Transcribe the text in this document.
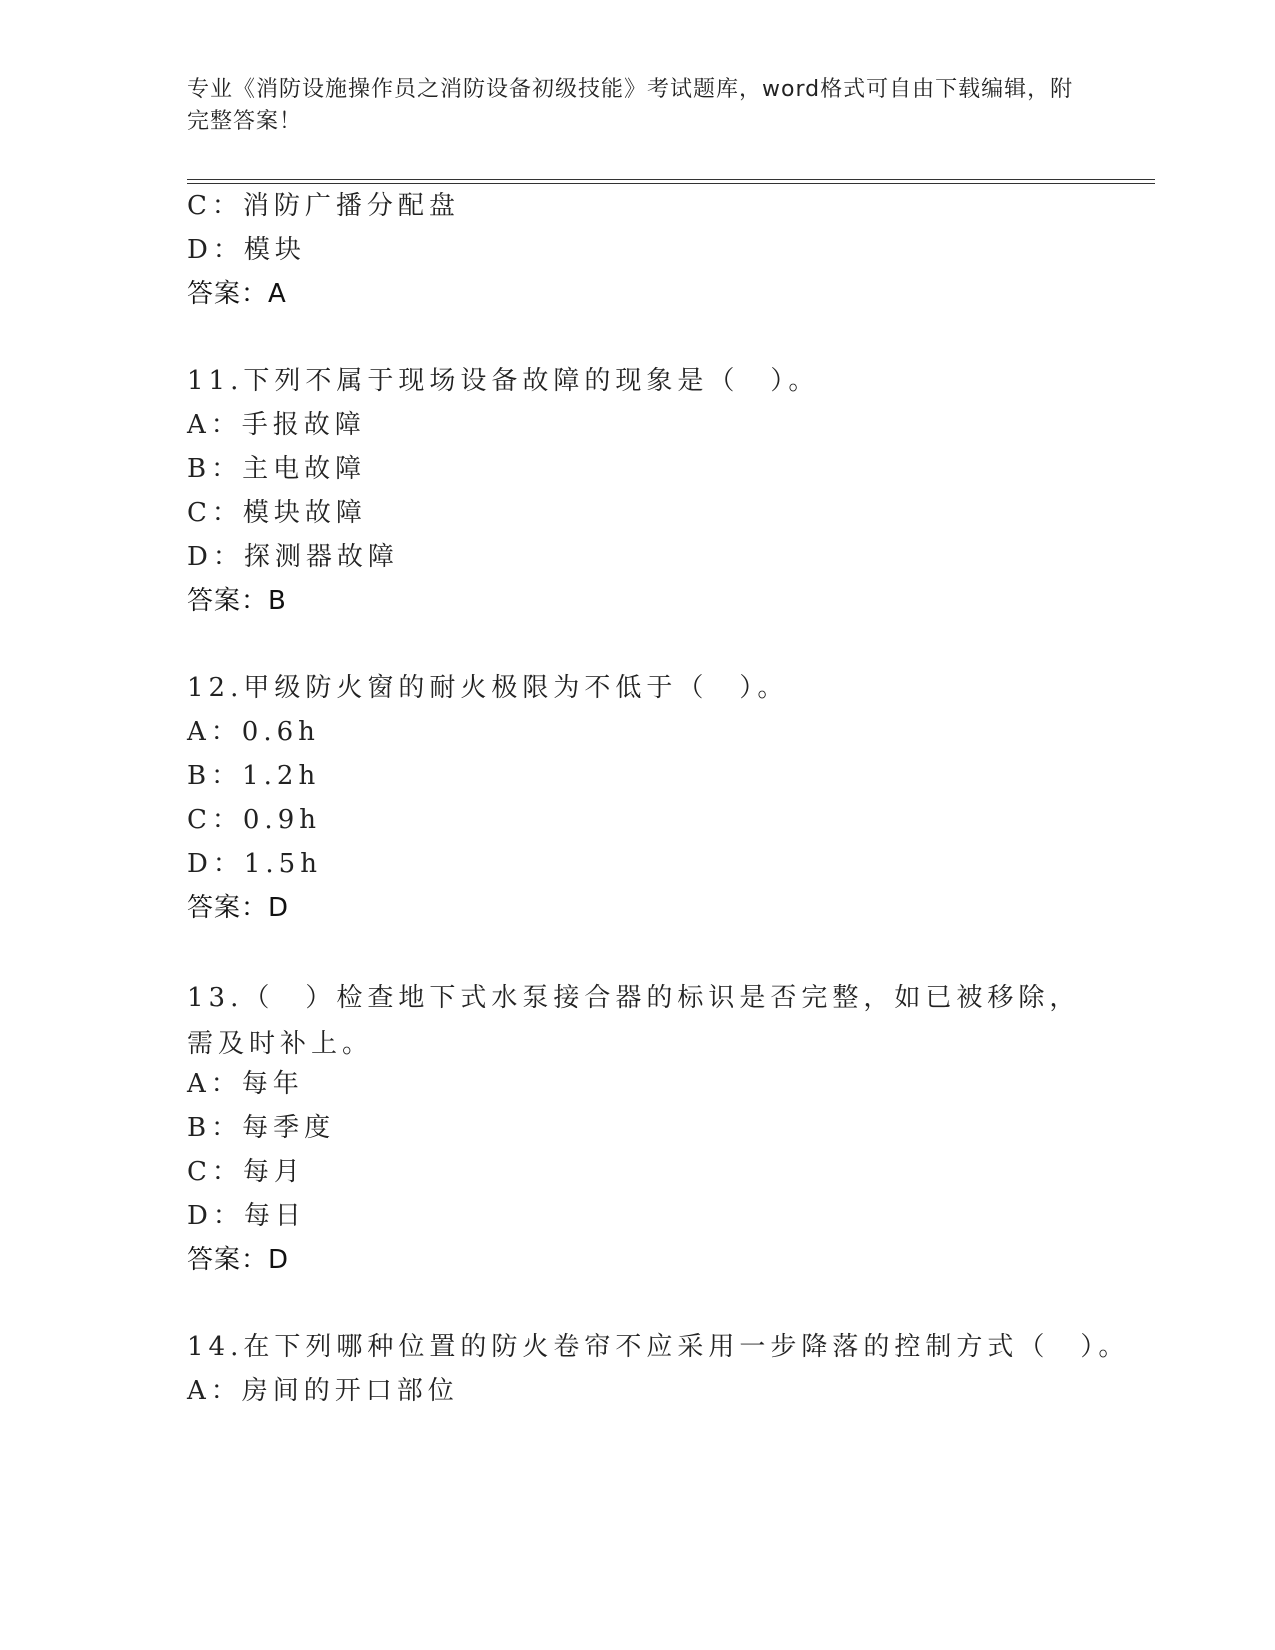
专业《消防设施操作员之消防设备初级技能》考试题库，word格式可自由下载编辑，附完整答案！
C：消防广播分配盘
D：模块
答案：A
11.下列不属于现场设备故障的现象是（　）。
A：手报故障
B：主电故障
C：模块故障
D：探测器故障
答案：B
12.甲级防火窗的耐火极限为不低于（　）。
A：0.6h
B：1.2h
C：0.9h
D：1.5h
答案：D
13.（　）检查地下式水泵接合器的标识是否完整，如已被移除，需及时补上。
A：每年
B：每季度
C：每月
D：每日
答案：D
14.在下列哪种位置的防火卷帘不应采用一步降落的控制方式（　）。
A：房间的开口部位
